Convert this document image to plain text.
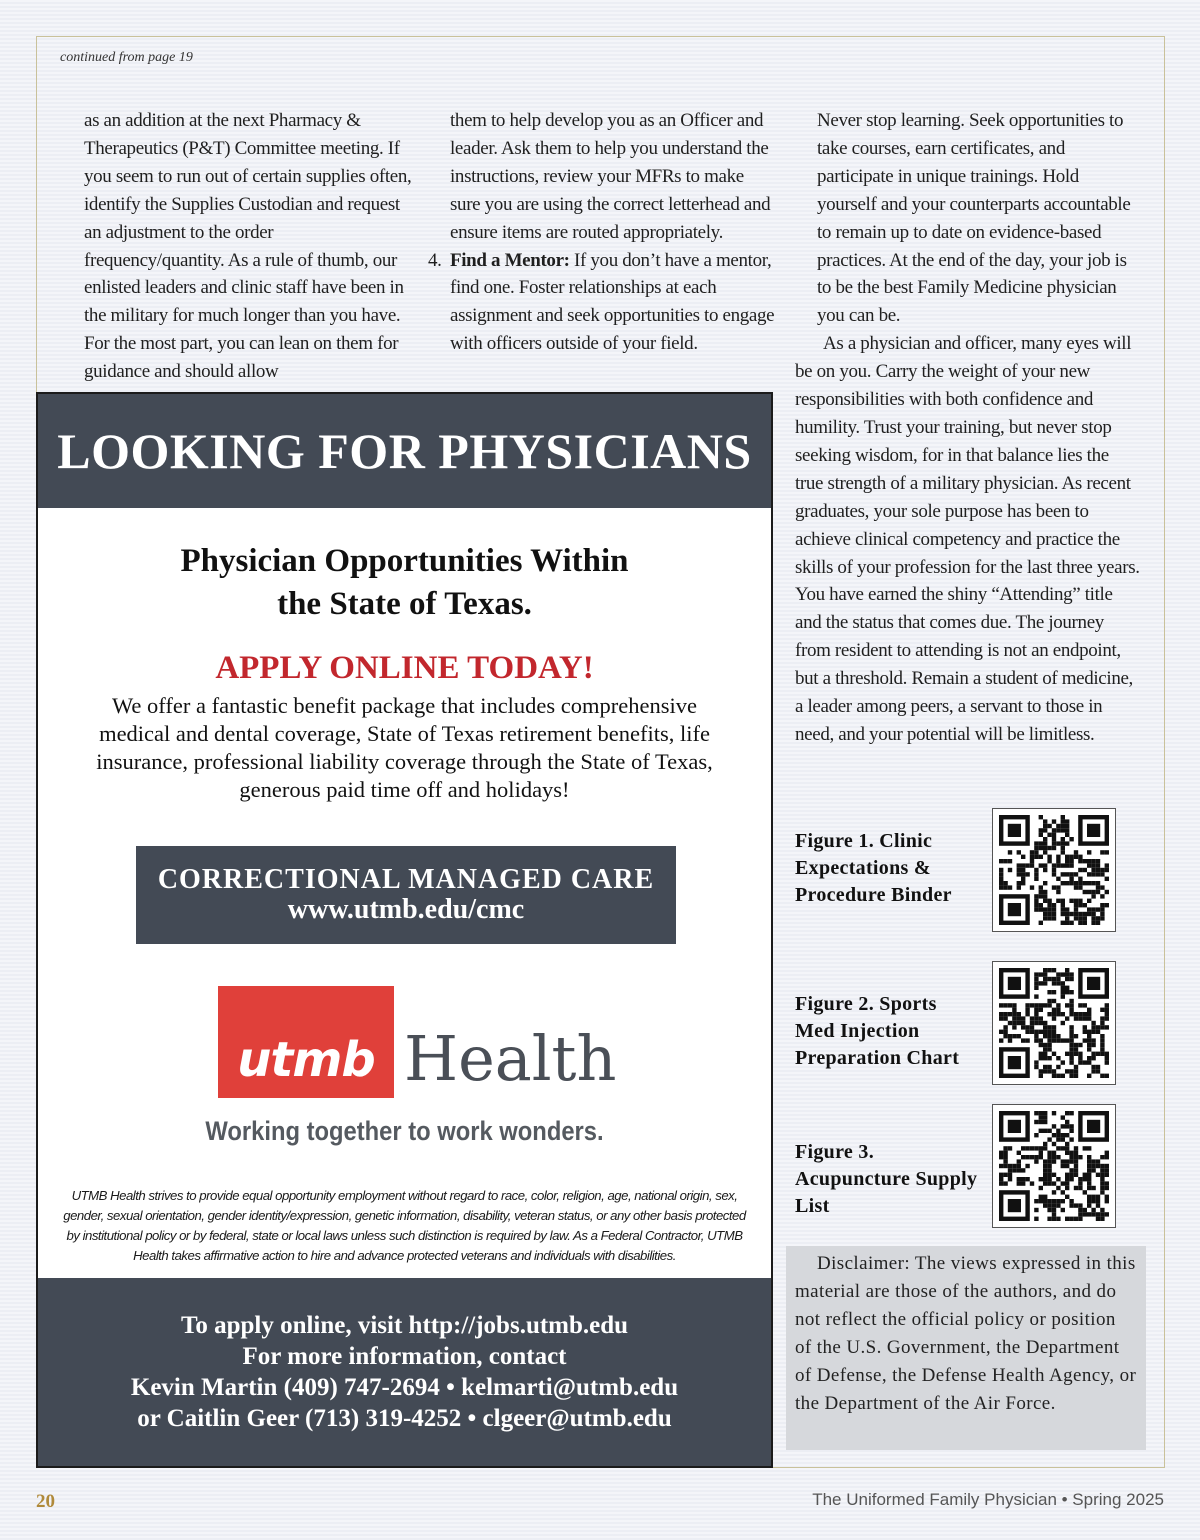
continued from page 19

as an addition at the next Pharmacy & Therapeutics (P&T) Committee meeting. If you seem to run out of certain supplies often, identify the Supplies Custodian and request an adjustment to the order frequency/quantity. As a rule of thumb, our enlisted leaders and clinic staff have been in the military for much longer than you have. For the most part, you can lean on them for guidance and should allow

them to help develop you as an Officer and leader. Ask them to help you understand the instructions, review your MFRs to make sure you are using the correct letterhead and ensure items are routed appropriately.

4. Find a Mentor: If you don’t have a mentor, find one. Foster relationships at each assignment and seek opportunities to engage with officers outside of your field.

Never stop learning. Seek opportunities to take courses, earn certificates, and participate in unique trainings. Hold yourself and your counterparts accountable to remain up to date on evidence-based practices. At the end of the day, your job is to be the best Family Medicine physician you can be.

As a physician and officer, many eyes will be on you. Carry the weight of your new responsibilities with both confidence and humility. Trust your training, but never stop seeking wisdom, for in that balance lies the true strength of a military physician. As recent graduates, your sole purpose has been to achieve clinical competency and practice the skills of your profession for the last three years. You have earned the shiny “Attending” title and the status that comes due. The journey from resident to attending is not an endpoint, but a threshold. Remain a student of medicine, a leader among peers, a servant to those in need, and your potential will be limitless.

LOOKING FOR PHYSICIANS
Physician Opportunities Within
the State of Texas.
APPLY ONLINE TODAY!
We offer a fantastic benefit package that includes comprehensive medical and dental coverage, State of Texas retirement benefits, life insurance, professional liability coverage through the State of Texas, generous paid time off and holidays!
CORRECTIONAL MANAGED CARE
www.utmb.edu/cmc
utmb Health
Working together to work wonders.
UTMB Health strives to provide equal opportunity employment without regard to race, color, religion, age, national origin, sex, gender, sexual orientation, gender identity/expression, genetic information, disability, veteran status, or any other basis protected by institutional policy or by federal, state or local laws unless such distinction is required by law. As a Federal Contractor, UTMB Health takes affirmative action to hire and advance protected veterans and individuals with disabilities.
To apply online, visit http://jobs.utmb.edu
For more information, contact
Kevin Martin (409) 747-2694 • kelmarti@utmb.edu
or Caitlin Geer (713) 319-4252 • clgeer@utmb.edu
Figure 1. Clinic Expectations & Procedure Binder
Figure 2. Sports Med Injection Preparation Chart
Figure 3. Acupuncture Supply List
Disclaimer: The views expressed in this material are those of the authors, and do not reflect the official policy or position of the U.S. Government, the Department of Defense, the Defense Health Agency, or the Department of the Air Force.
20	The Uniformed Family Physician • Spring 2025
